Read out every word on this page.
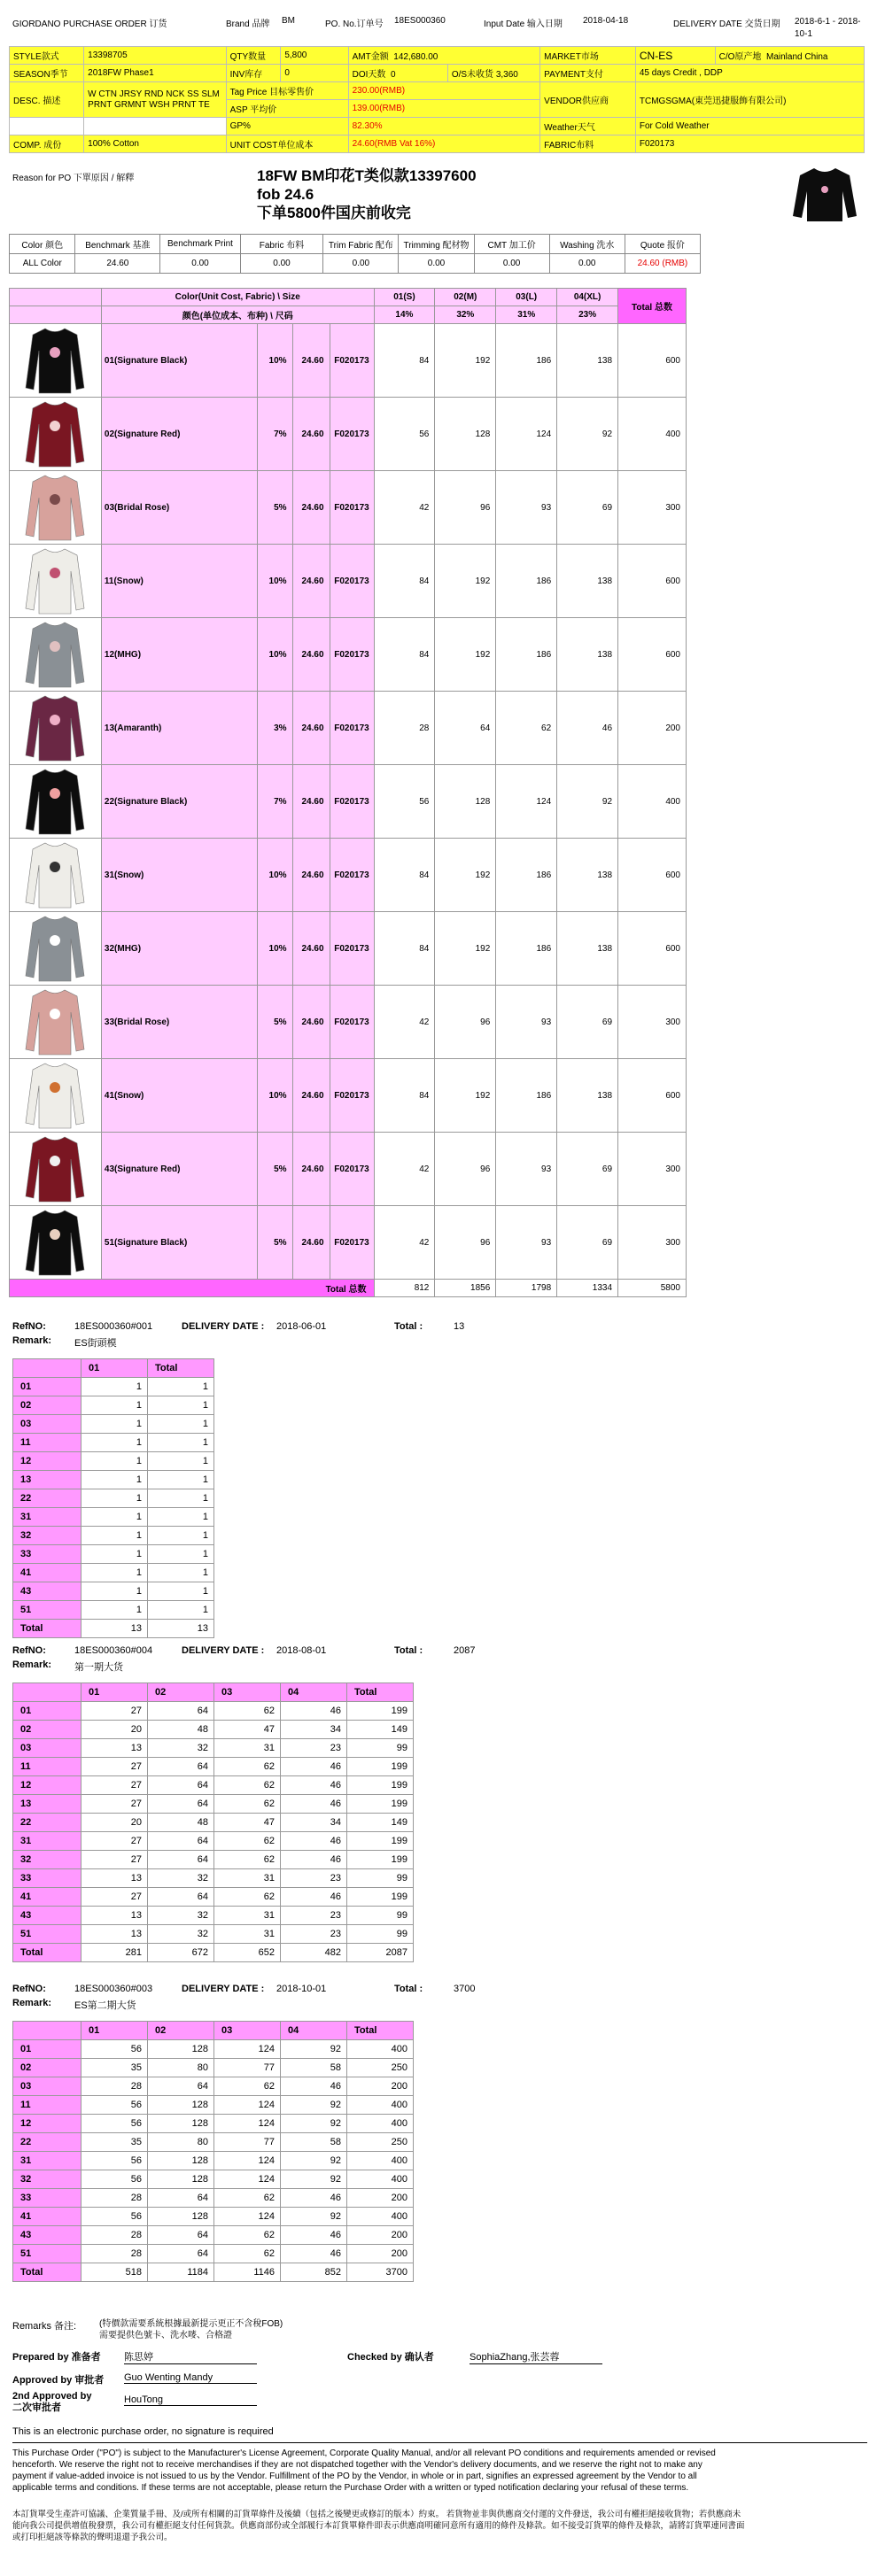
GIORDANO PURCHASE ORDER 订货	Brand 品牌 BM	PO. No.订单号 18ES000360	Input Date 输入日期 2018-04-18	DELIVERY DATE 交货日期 2018-6-1 - 2018-10-1
STYLE款式	13398705	QTY数量	5,800	AMT金额 142,680.00		MARKET市场	CN-ES	C/O原产地 Mainland China
SEASON季节	2018FW Phase1	INV库存	0	DOI天数 0	O/S未收货 3,360	PAYMENT支付	45 days Credit , DDP	
DESC. 描述	W CTN JRSY RND NCK SS SLM PRNT GRMNT WSH PRNT TE	Tag Price 目标零售价		230.00(RMB)		VENDOR供应商	TCMGSGMA(東莞迅捷服飾有限公司)	
		ASP 平均价		139.00(RMB)				
		GP%		82.30%		Weather天气	For Cold Weather	
COMP. 成份	100% Cotton	UNIT COST单位成本		24.60(RMB Vat 16%)		FABRIC布料	F020173	
Reason for PO 下單原因 / 解釋	18FW BM印花T类似款13397600
fob 24.6
下单5800件国庆前收完
Color 颜色	Benchmark 基准	Benchmark Print	Fabric 布料	Trim Fabric 配布	Trimming 配材物	CMT 加工价	Washing 洗水	Quote 报价
ALL Color	24.60	0.00	0.00	0.00	0.00	0.00	0.00	24.60 (RMB)
	Color(Unit Cost, Fabric) \ Size				01(S)	02(M)	03(L)	04(XL)	Total 总数
	颜色(单位成本、布种) \ 尺码				14%	32%	31%	23%	

	01(Signature Black)	10%	24.60	F020173	84	192	186	138	600

	02(Signature Red)	7%	24.60	F020173	56	128	124	92	400

	03(Bridal Rose)	5%	24.60	F020173	42	96	93	69	300

	11(Snow)	10%	24.60	F020173	84	192	186	138	600

	12(MHG)	10%	24.60	F020173	84	192	186	138	600

	13(Amaranth)	3%	24.60	F020173	28	64	62	46	200

	22(Signature Black)	7%	24.60	F020173	56	128	124	92	400

	31(Snow)	10%	24.60	F020173	84	192	186	138	600

	32(MHG)	10%	24.60	F020173	84	192	186	138	600

	33(Bridal Rose)	5%	24.60	F020173	42	96	93	69	300

	41(Snow)	10%	24.60	F020173	84	192	186	138	600

	43(Signature Red)	5%	24.60	F020173	42	96	93	69	300

	51(Signature Black)	5%	24.60	F020173	42	96	93	69	300
Total 总数					812	1856	1798	1334	5800
RefNO:	18ES000360#001	DELIVERY DATE : 2018-06-01	Total :	13
Remark: ES街頭模
	01	Total
01	1	1
02	1	1
03	1	1
11	1	1
12	1	1
13	1	1
22	1	1
31	1	1
32	1	1
33	1	1
41	1	1
43	1	1
51	1	1
Total	13	13
RefNO:	18ES000360#004	DELIVERY DATE : 2018-08-01	Total :	2087
Remark: 第一期大货
	01	02	03	04	Total
01	27	64	62	46	199
02	20	48	47	34	149
03	13	32	31	23	99
11	27	64	62	46	199
12	27	64	62	46	199
13	27	64	62	46	199
22	20	48	47	34	149
31	27	64	62	46	199
32	27	64	62	46	199
33	13	32	31	23	99
41	27	64	62	46	199
43	13	32	31	23	99
51	13	32	31	23	99
Total	281	672	652	482	2087
RefNO:	18ES000360#003	DELIVERY DATE : 2018-10-01	Total :	3700
Remark: ES第二期大货
	01	02	03	04	Total
01	56	128	124	92	400
02	35	80	77	58	250
03	28	64	62	46	200
11	56	128	124	92	400
12	56	128	124	92	400
22	35	80	77	58	250
31	56	128	124	92	400
32	56	128	124	92	400
33	28	64	62	46	200
41	56	128	124	92	400
43	28	64	62	46	200
51	28	64	62	46	200
Total	518	1184	1146	852	3700
Remarks 备注:	(特價款需要系統根據最新提示更正不含稅FOB)
需要提供色號卡、洗水嘜、合格證
Prepared by 准备者 陈思婷	Checked by 确认者	SophiaZhang,张芸蓉
Approved by 审批者 Guo Wenting Mandy
2nd Approved by
二次审批者
HouTong
This is an electronic purchase order, no signature is required
This Purchase Order ("PO") is subject to the Manufacturer's License Agreement, Corporate Quality Manual, and/or all relevant PO conditions and requirements amended or revised henceforth. We reserve the right not to receive merchandises if they are not dispatched together with the Vendor's delivery documents, and we reserve the right not to make any payment if value-added invoice is not issued to us by the Vendor. Fulfillment of the PO by the Vendor, in whole or in part, signifies an expressed agreement by the Vendor to all applicable terms and conditions. If these terms are not acceptable, please return the Purchase Order with a written or typed notification declaring your refusal of these terms.
本訂貨單受生產許可協議、企業質量手冊、及/或所有相關的訂貨單條件及後續（包括之後變更或修訂的版本）約束。 若貨物並非與供應商交付運的文件發送，我公司有權拒絕接收貨物；若供應商未能向我公司提供增值稅發票，我公司有權拒絕支付任何貨款。供應商部份或全部履行本訂貨單條件即表示供應商明確同意所有適用的條件及條款。如不接受訂貨單的條件及條款，請將訂貨單連同書面或打印拒絕該等條款的聲明退還予我公司。
